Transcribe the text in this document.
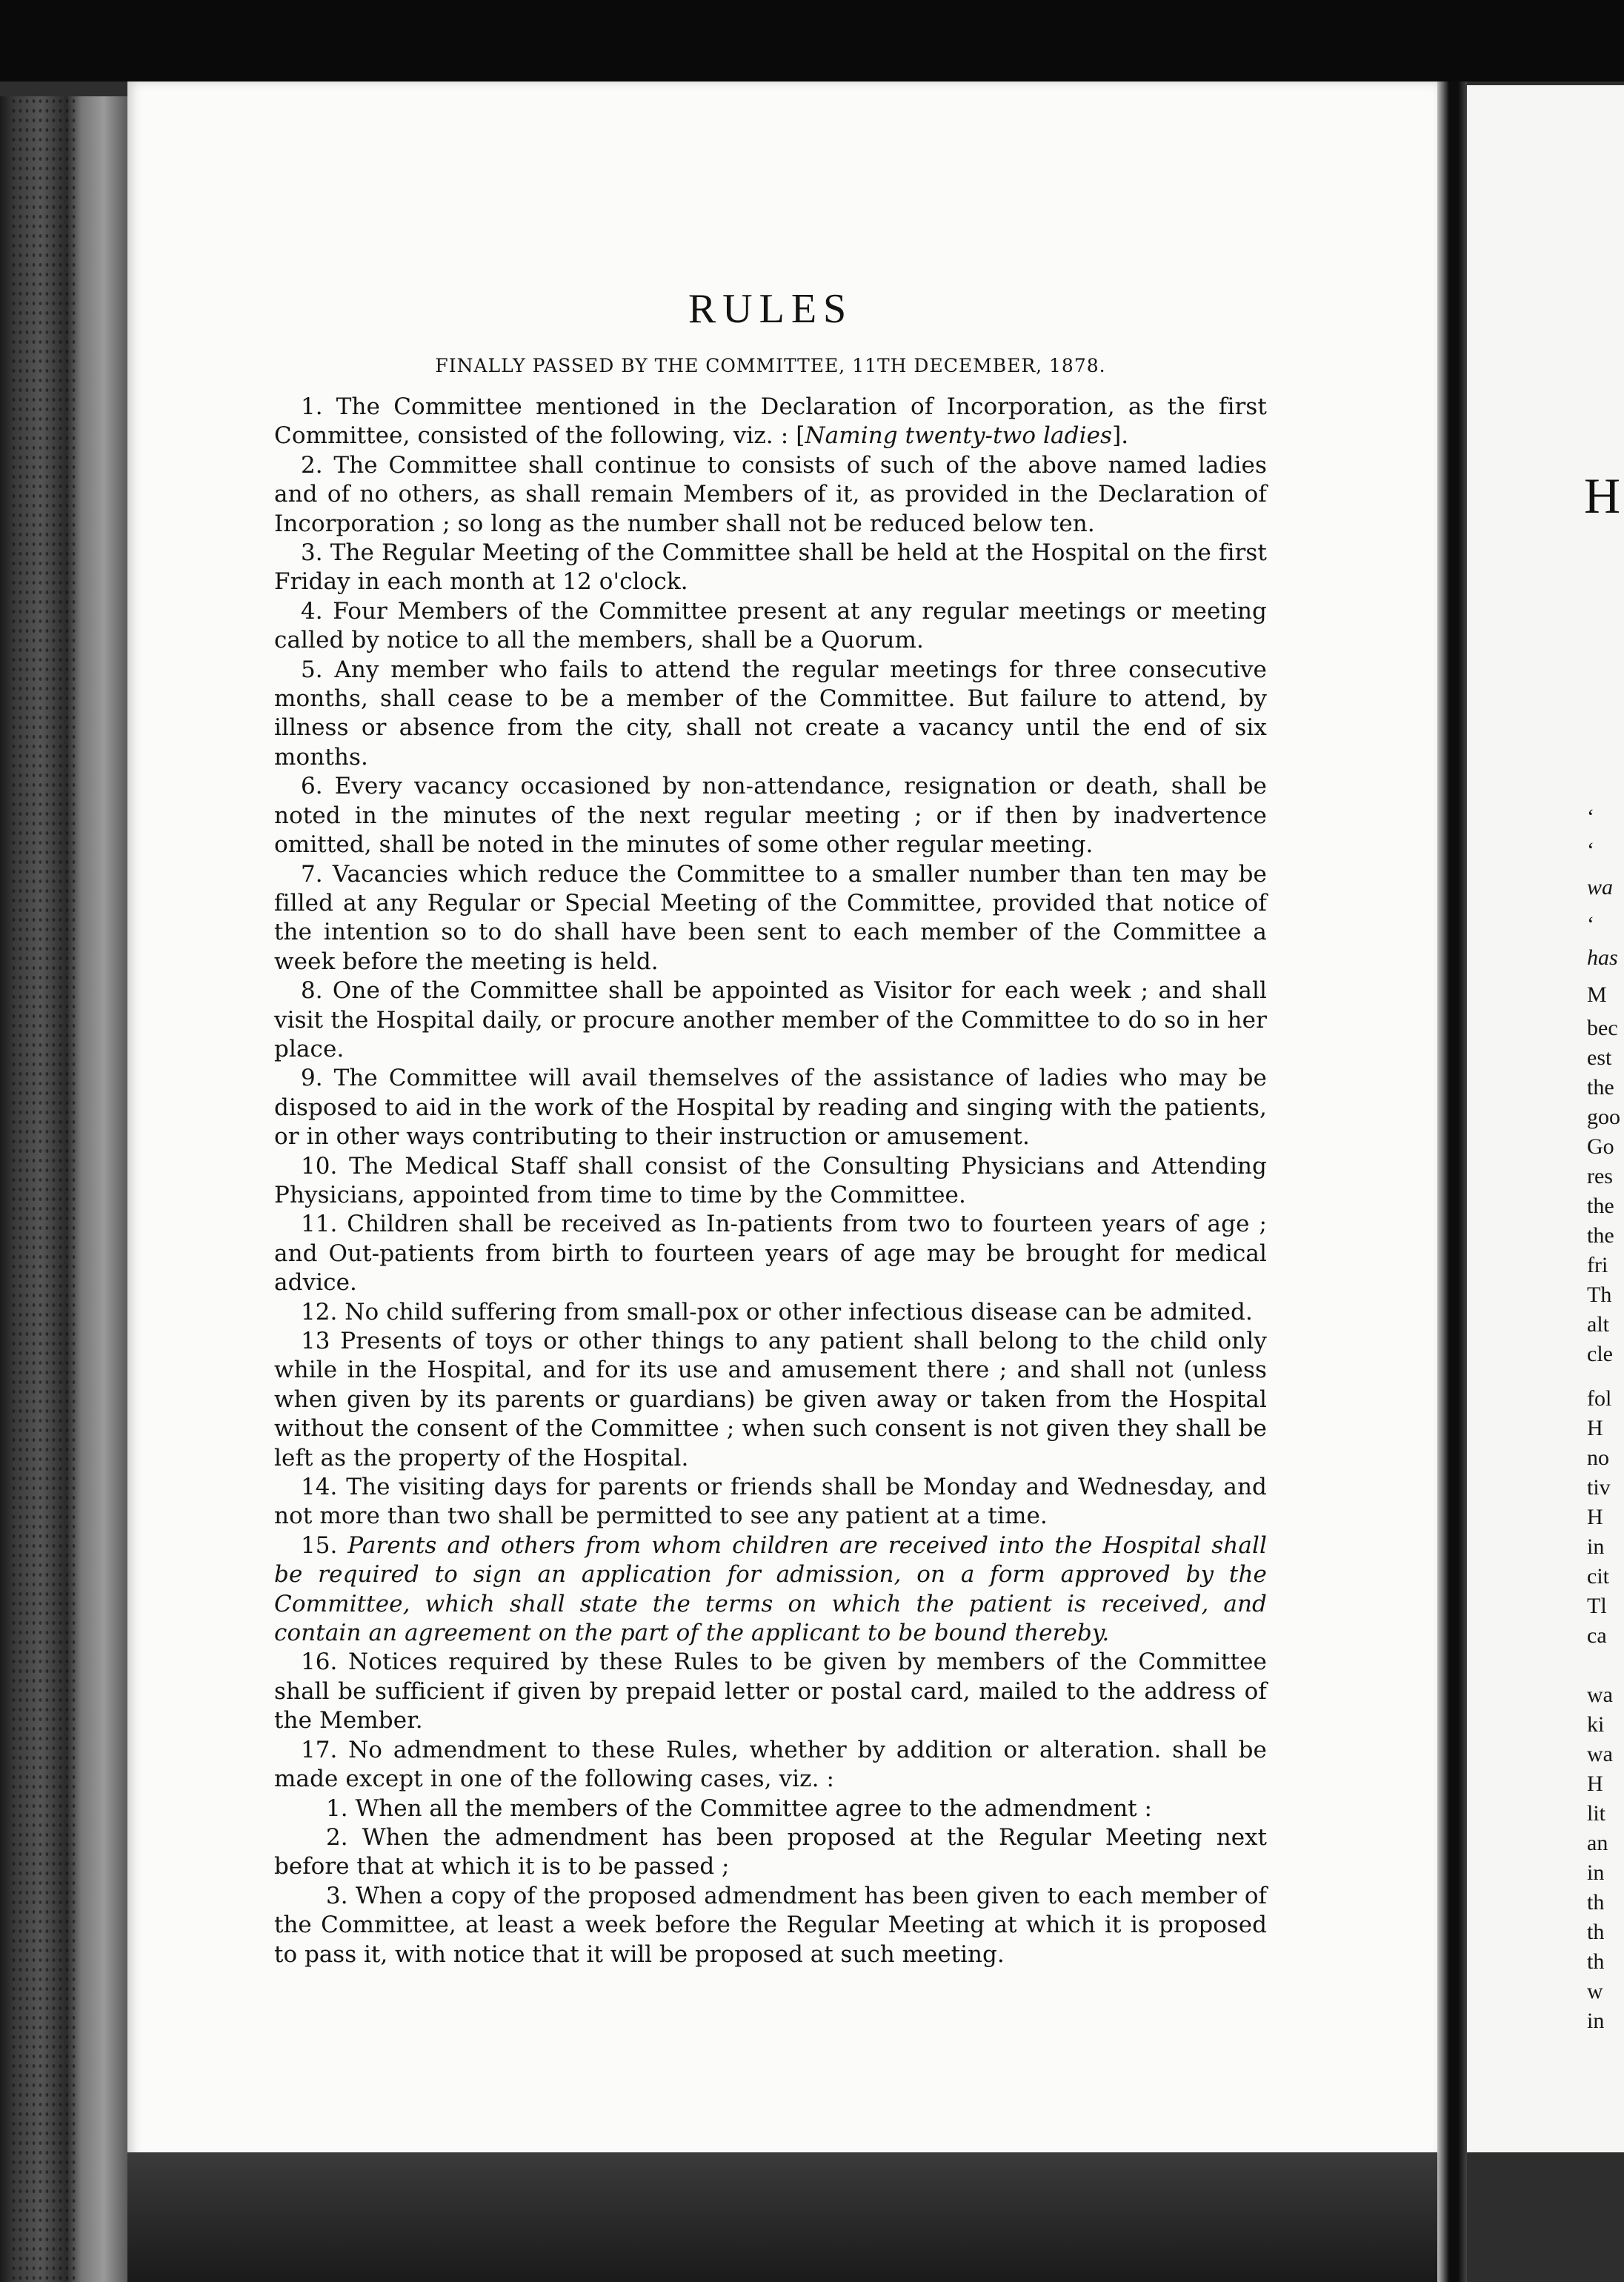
H
‘
‘
wa
‘
has
M
bec
est
the
goo
Go
res
the
the
fri
Th
alt
cle
fol
H
no
tiv
H
in
cit
Tl
ca
wa
ki
wa
H
lit
an
in
th
th
th
w
in
RULES
FINALLY PASSED BY THE COMMITTEE, 11TH DECEMBER, 1878.

1. The Committee mentioned in the Declaration of Incorporation, as the first Committee, consisted of the following, viz. : [Naming twenty-two ladies].

2. The Committee shall continue to consists of such of the above named ladies and of no others, as shall remain Members of it, as provided in the Declaration of Incorporation ; so long as the number shall not be reduced below ten.

3. The Regular Meeting of the Committee shall be held at the Hospital on the first Friday in each month at 12 o'clock.

4. Four Members of the Committee present at any regular meetings or meeting called by notice to all the members, shall be a Quorum.

5. Any member who fails to attend the regular meetings for three consecutive months, shall cease to be a member of the Committee. But failure to attend, by illness or absence from the city, shall not create a vacancy until the end of six months.

6. Every vacancy occasioned by non-attendance, resignation or death, shall be noted in the minutes of the next regular meeting ; or if then by inadvertence omitted, shall be noted in the minutes of some other regular meeting.

7. Vacancies which reduce the Committee to a smaller number than ten may be filled at any Regular or Special Meeting of the Committee, provided that notice of the intention so to do shall have been sent to each member of the Committee a week before the meeting is held.

8. One of the Committee shall be appointed as Visitor for each week ; and shall visit the Hospital daily, or procure another member of the Committee to do so in her place.

9. The Committee will avail themselves of the assistance of ladies who may be disposed to aid in the work of the Hospital by reading and singing with the patients, or in other ways contributing to their instruction or amusement.

10. The Medical Staff shall consist of the Consulting Physicians and Attending Physicians, appointed from time to time by the Committee.

11. Children shall be received as In-patients from two to fourteen years of age ; and Out-patients from birth to fourteen years of age may be brought for medical advice.

12. No child suffering from small-pox or other infectious disease can be admited.

13 Presents of toys or other things to any patient shall belong to the child only while in the Hospital, and for its use and amusement there ; and shall not (unless when given by its parents or guardians) be given away or taken from the Hospital without the consent of the Committee ; when such consent is not given they shall be left as the property of the Hospital.

14. The visiting days for parents or friends shall be Monday and Wednesday, and not more than two shall be permitted to see any patient at a time.

15. Parents and others from whom children are received into the Hospital shall be required to sign an application for admission, on a form approved by the Committee, which shall state the terms on which the patient is received, and contain an agreement on the part of the applicant to be bound thereby.

16. Notices required by these Rules to be given by members of the Committee shall be sufficient if given by prepaid letter or postal card, mailed to the address of the Member.

17. No admendment to these Rules, whether by addition or alteration. shall be made except in one of the following cases, viz. :

1. When all the members of the Committee agree to the admendment :

2. When the admendment has been proposed at the Regular Meeting next before that at which it is to be passed ;

3. When a copy of the proposed admendment has been given to each member of the Committee, at least a week before the Regular Meeting at which it is proposed to pass it, with notice that it will be proposed at such meeting.
